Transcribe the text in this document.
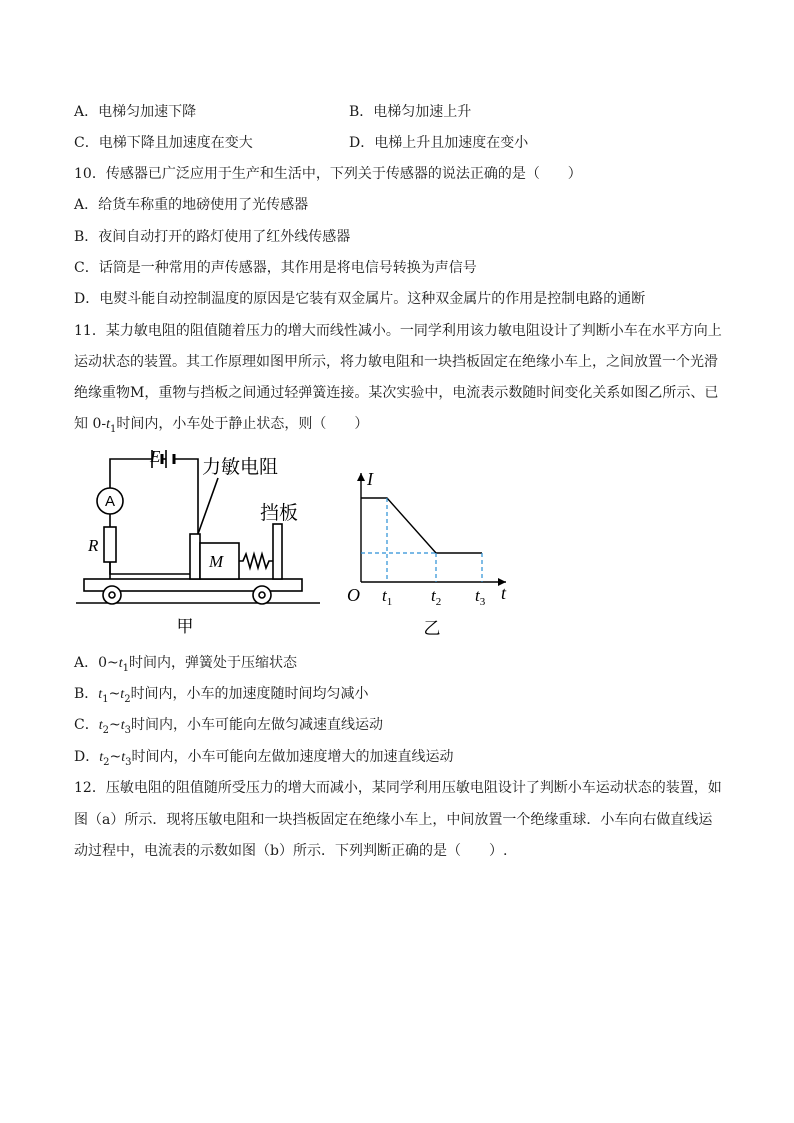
A．电梯匀加速下降	B．电梯匀加速上升
C．电梯下降且加速度在变大	D．电梯上升且加速度在变小
10．传感器已广泛应用于生产和生活中，下列关于传感器的说法正确的是（　　）
A．给货车称重的地磅使用了光传感器
B．夜间自动打开的路灯使用了红外线传感器
C．话筒是一种常用的声传感器，其作用是将电信号转换为声信号
D．电熨斗能自动控制温度的原因是它装有双金属片。这种双金属片的作用是控制电路的通断
11．某力敏电阻的阻值随着压力的增大而线性减小。一同学利用该力敏电阻设计了判断小车在水平方向上
运动状态的装置。其工作原理如图甲所示，将力敏电阻和一块挡板固定在绝缘小车上，之间放置一个光滑
绝缘重物M，重物与挡板之间通过轻弹簧连接。某次实验中，电流表示数随时间变化关系如图乙所示、已
知 $0-t_1$时间内，小车处于静止状态，则（　　）
A
E 力敏电阻
挡板
R
M
甲
I
t
O $t_1$ $t_2$ $t_3$
乙
A．$0\sim t_1$时间内，弹簧处于压缩状态
B．$t_1\sim t_2$时间内，小车的加速度随时间均匀减小
C．$t_2\sim t_3$时间内，小车可能向左做匀减速直线运动
D．$t_2\sim t_3$时间内，小车可能向左做加速度增大的加速直线运动
12．压敏电阻的阻值随所受压力的增大而减小，某同学利用压敏电阻设计了判断小车运动状态的装置，如
图（a）所示．现将压敏电阻和一块挡板固定在绝缘小车上，中间放置一个绝缘重球．小车向右做直线运
动过程中，电流表的示数如图（b）所示．下列判断正确的是（　　）.
